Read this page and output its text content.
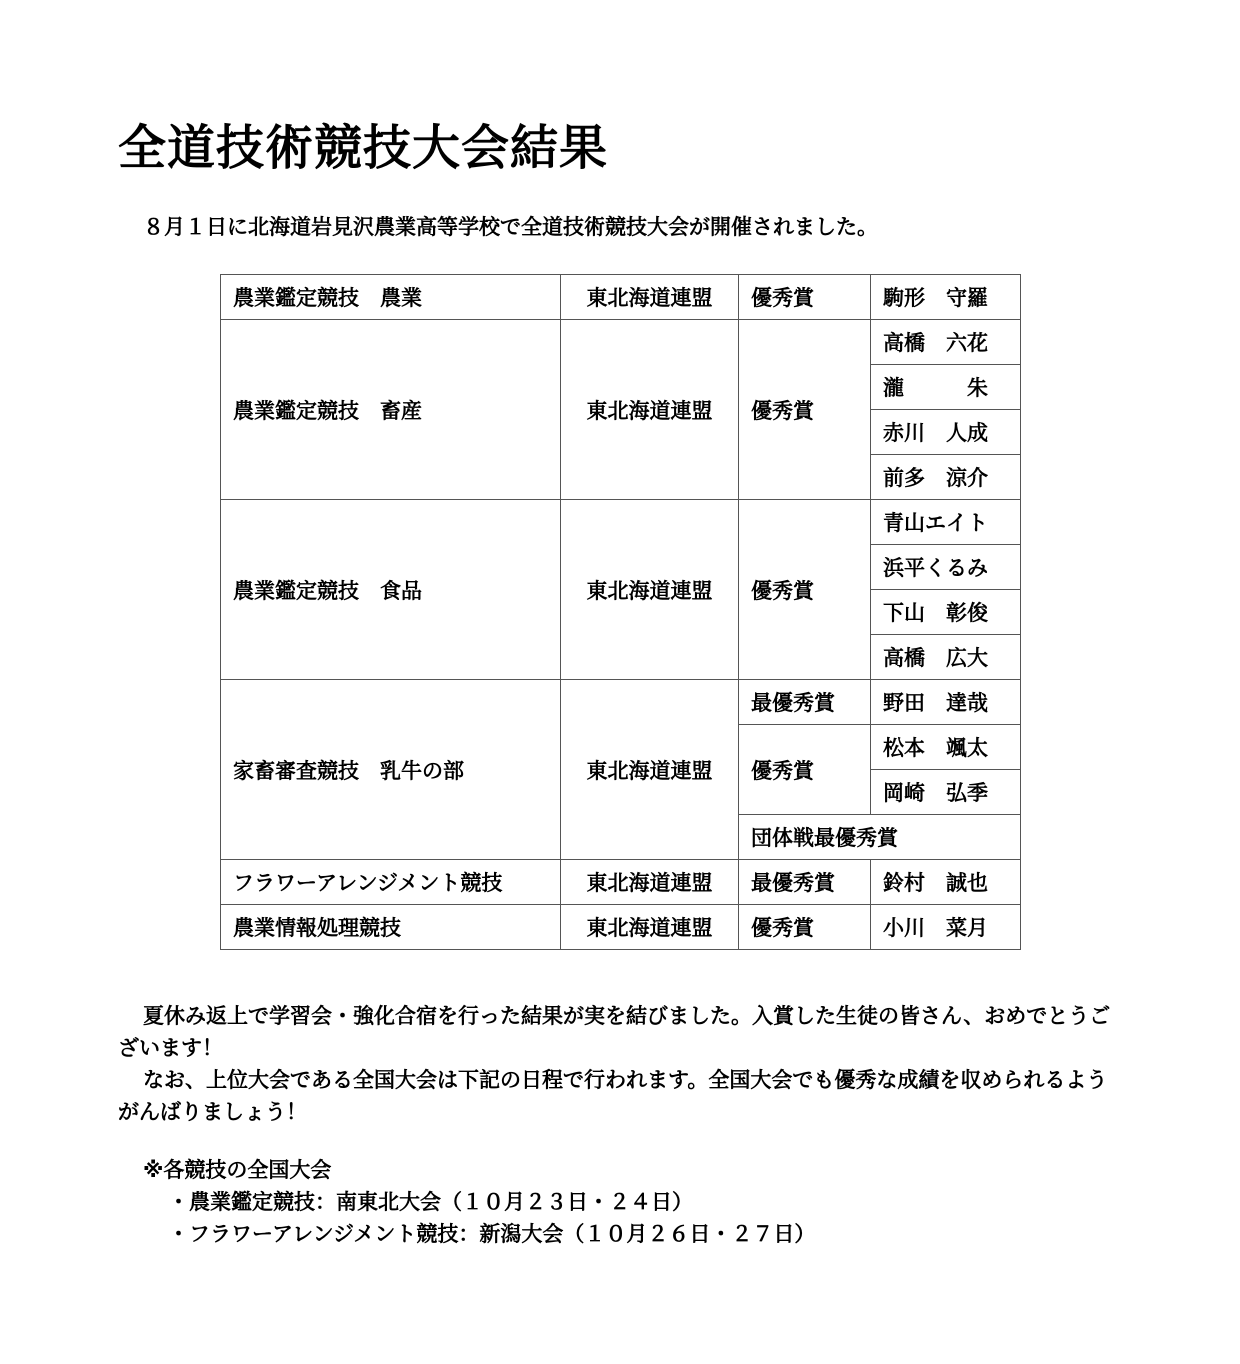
全道技術競技大会結果
８月１日に北海道岩見沢農業高等学校で全道技術競技大会が開催されました。
農業鑑定競技　農業	東北海道連盟	優秀賞	駒形　守羅
農業鑑定競技　畜産	東北海道連盟	優秀賞	高橋　六花
			瀧　　　朱
			赤川　人成
			前多　涼介
農業鑑定競技　食品	東北海道連盟	優秀賞	青山エイト
			浜平くるみ
			下山　彰俊
			高橋　広大
家畜審査競技　乳牛の部	東北海道連盟	最優秀賞	野田　達哉
		優秀賞	松本　颯太
			岡崎　弘季
		団体戦最優秀賞	
フラワーアレンジメント競技	東北海道連盟	最優秀賞	鈴村　誠也
農業情報処理競技	東北海道連盟	優秀賞	小川　菜月
夏休み返上で学習会・強化合宿を行った結果が実を結びました。入賞した生徒の皆さん、おめでとうございます！
なお、上位大会である全国大会は下記の日程で行われます。全国大会でも優秀な成績を収められるようがんばりましょう！
※各競技の全国大会
・農業鑑定競技：南東北大会（１０月２３日・２４日）
・フラワーアレンジメント競技：新潟大会（１０月２６日・２７日）
